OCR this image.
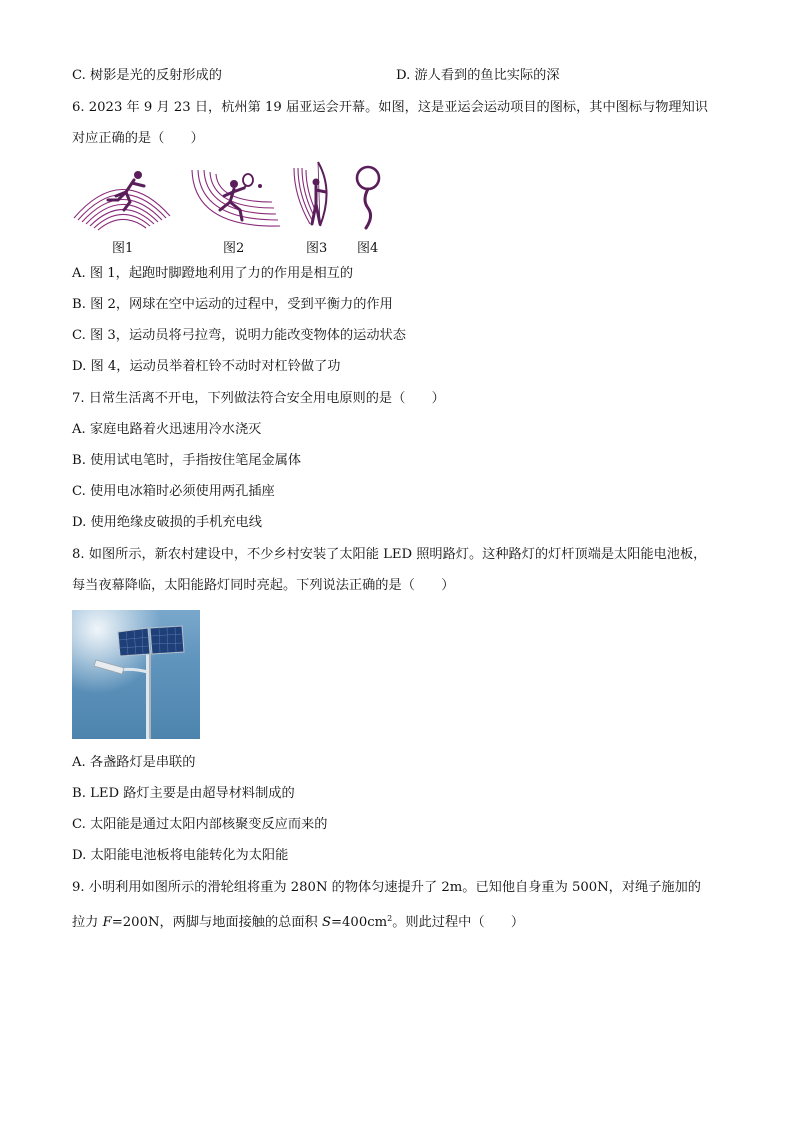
C. 树影是光的反射形成的	D. 游人看到的鱼比实际的深
6. 2023 年 9 月 23 日，杭州第 19 届亚运会开幕。如图，这是亚运会运动项目的图标，其中图标与物理知识
对应正确的是（　　）
图1	图2	图3 图4
A. 图 1，起跑时脚蹬地利用了力的作用是相互的
B. 图 2，网球在空中运动的过程中，受到平衡力的作用
C. 图 3，运动员将弓拉弯，说明力能改变物体的运动状态
D. 图 4，运动员举着杠铃不动时对杠铃做了功
7. 日常生活离不开电，下列做法符合安全用电原则的是（　　）
A. 家庭电路着火迅速用冷水浇灭
B. 使用试电笔时，手指按住笔尾金属体
C. 使用电冰箱时必须使用两孔插座
D. 使用绝缘皮破损的手机充电线
8. 如图所示，新农村建设中，不少乡村安装了太阳能 LED 照明路灯。这种路灯的灯杆顶端是太阳能电池板，
每当夜幕降临，太阳能路灯同时亮起。下列说法正确的是（　　）
A. 各盏路灯是串联的
B. LED 路灯主要是由超导材料制成的
C. 太阳能是通过太阳内部核聚变反应而来的
D. 太阳能电池板将电能转化为太阳能
9. 小明利用如图所示的滑轮组将重为 280N 的物体匀速提升了 2m。已知他自身重为 500N，对绳子施加的
拉力 F=200N，两脚与地面接触的总面积 $S=400cm^2$。则此过程中（　　）
